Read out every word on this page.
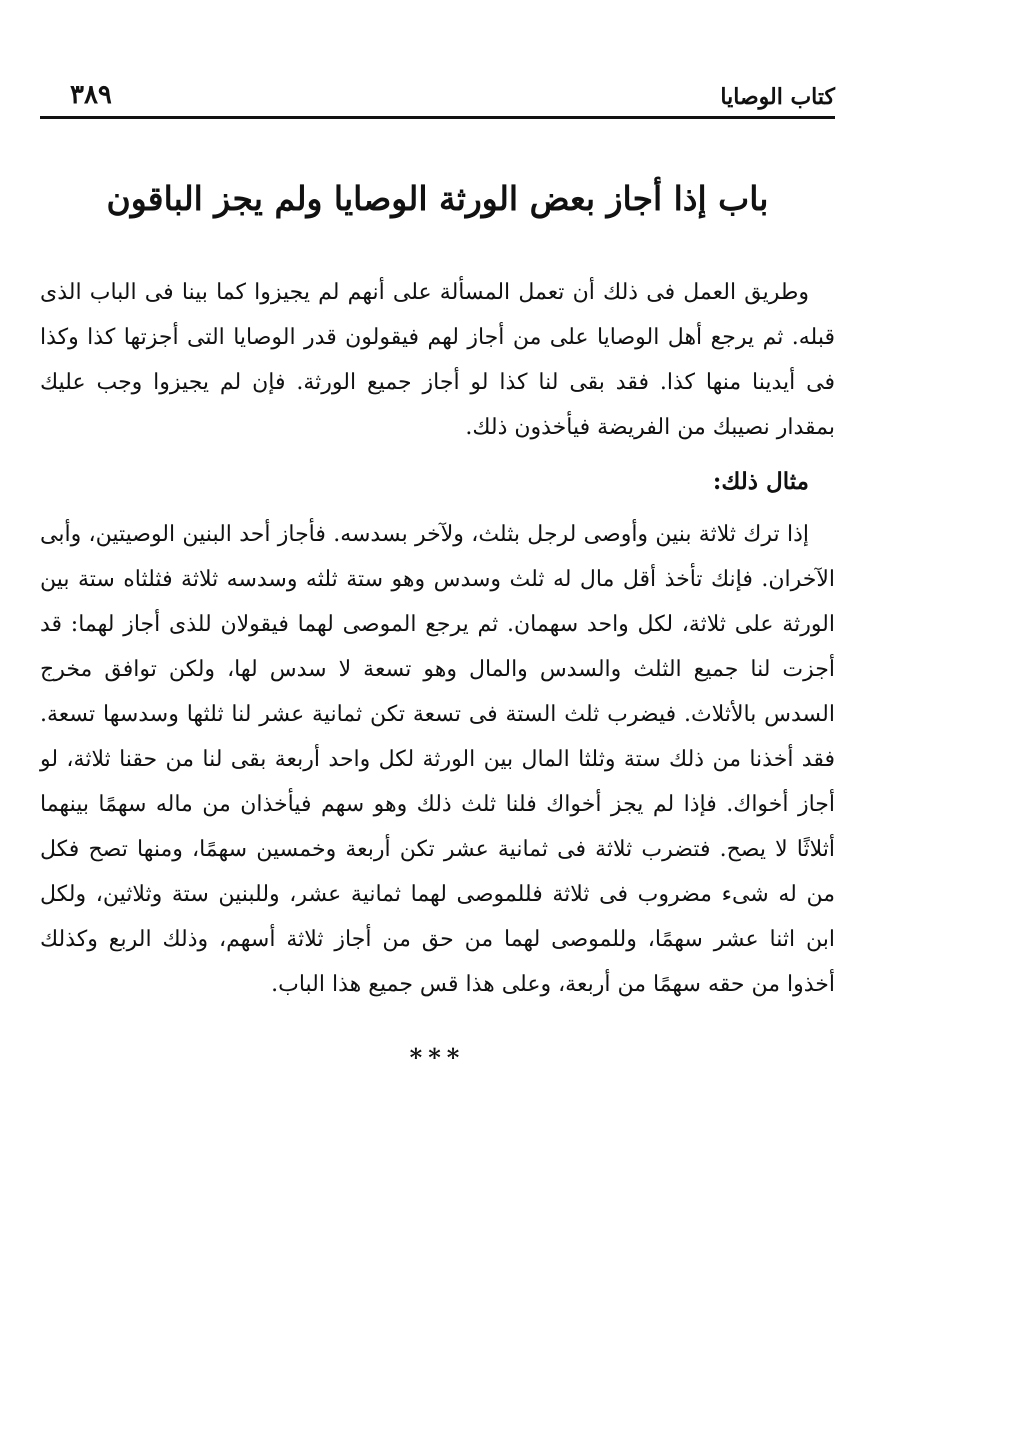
كتاب الوصايا
٣٨٩
باب إذا أجاز بعض الورثة الوصايا ولم يجز الباقون

وطريق العمل فى ذلك أن تعمل المسألة على أنهم لم يجيزوا كما بينا فى الباب الذى قبله. ثم يرجع أهل الوصايا على من أجاز لهم فيقولون قدر الوصايا التى أجزتها كذا وكذا فى أيدينا منها كذا. فقد بقى لنا كذا لو أجاز جميع الورثة. فإن لم يجيزوا وجب عليك بمقدار نصيبك من الفريضة فيأخذون ذلك.

مثال ذلك:

إذا ترك ثلاثة بنين وأوصى لرجل بثلث، ولآخر بسدسه. فأجاز أحد البنين الوصيتين، وأبى الآخران. فإنك تأخذ أقل مال له ثلث وسدس وهو ستة ثلثه وسدسه ثلاثة فثلثاه ستة بين الورثة على ثلاثة، لكل واحد سهمان. ثم يرجع الموصى لهما فيقولان للذى أجاز لهما: قد أجزت لنا جميع الثلث والسدس والمال وهو تسعة لا سدس لها، ولكن توافق مخرج السدس بالأثلاث. فيضرب ثلث الستة فى تسعة تكن ثمانية عشر لنا ثلثها وسدسها تسعة. فقد أخذنا من ذلك ستة وثلثا المال بين الورثة لكل واحد أربعة بقى لنا من حقنا ثلاثة، لو أجاز أخواك. فإذا لم يجز أخواك فلنا ثلث ذلك وهو سهم فيأخذان من ماله سهمًا بينهما أثلاثًا لا يصح. فتضرب ثلاثة فى ثمانية عشر تكن أربعة وخمسين سهمًا، ومنها تصح فكل من له شىء مضروب فى ثلاثة فللموصى لهما ثمانية عشر، وللبنين ستة وثلاثين، ولكل ابن اثنا عشر سهمًا، وللموصى لهما من حق من أجاز ثلاثة أسهم، وذلك الربع وكذلك أخذوا من حقه سهمًا من أربعة، وعلى هذا قس جميع هذا الباب.

***
